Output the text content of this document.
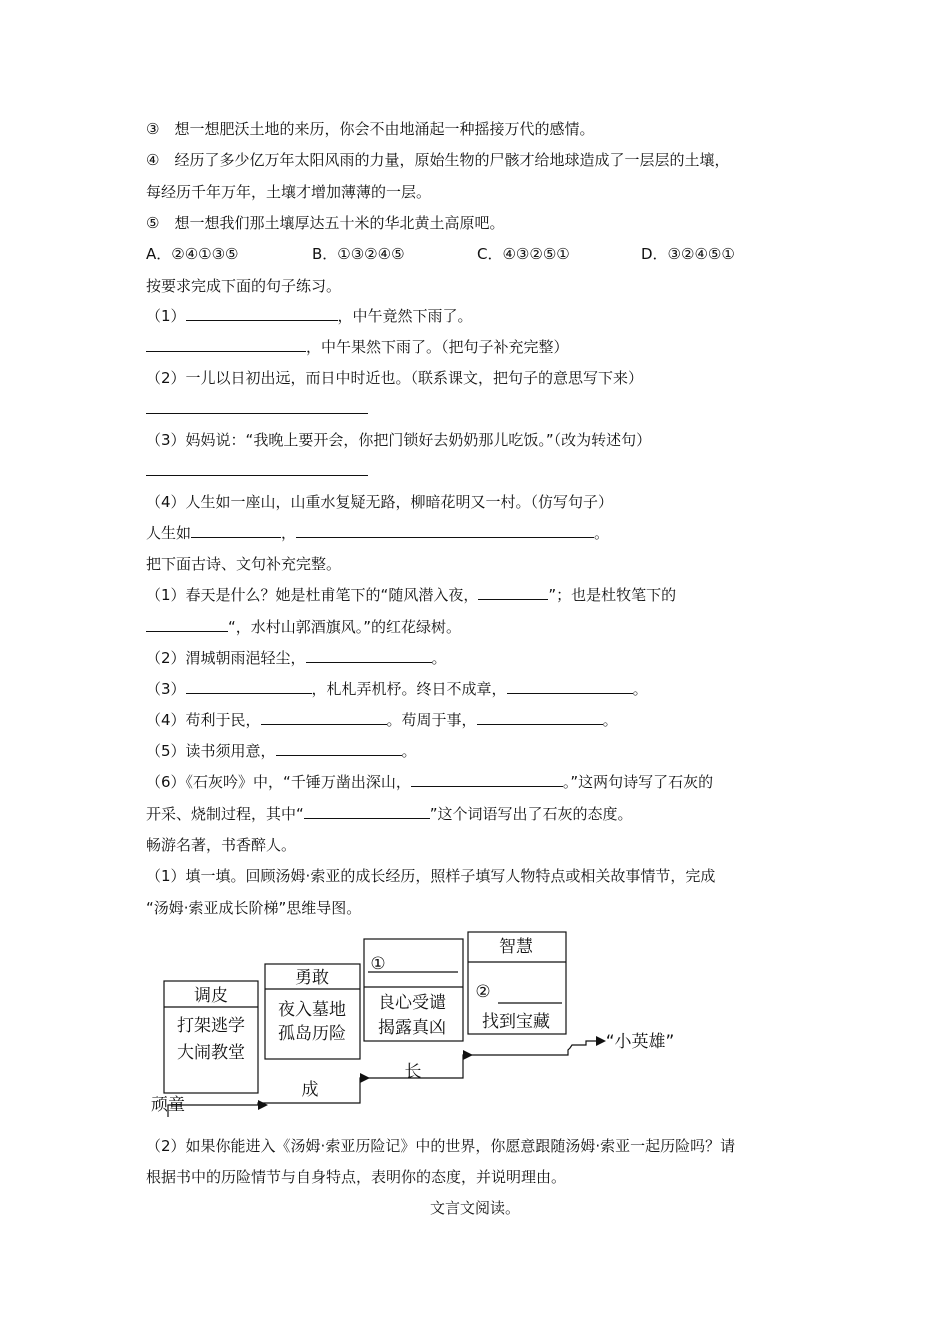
③　想一想肥沃土地的来历，你会不由地涌起一种摇接万代的感情。
④　经历了多少亿万年太阳风雨的力量，原始生物的尸骸才给地球造成了一层层的土壤，
每经历千年万年，土壤才增加薄薄的一层。
⑤　想一想我们那土壤厚达五十米的华北黄土高原吧。
A．②④①③⑤	B．①③②④⑤	C．④③②⑤①	D．③②④⑤①
按要求完成下面的句子练习。
（1）	，中午竟然下雨了。
，中午果然下雨了。（把句子补充完整）
（2）一儿以日初出远，而日中时近也。（联系课文，把句子的意思写下来）
（3）妈妈说：“我晚上要开会，你把门锁好去奶奶那儿吃饭。”（改为转述句）
（4）人生如一座山，山重水复疑无路，柳暗花明又一村。（仿写句子）
人生如	，	。
把下面古诗、文句补充完整。
（1）春天是什么？她是杜甫笔下的“随风潜入夜，	”；也是杜牧笔下的
“，水村山郭酒旗风。”的红花绿树。
（2）渭城朝雨浥轻尘，	。
（3）	，札札弄机杼。终日不成章，	。
（4）苟利于民，	。苟周于事，	。
（5）读书须用意，	。
（6）《石灰吟》中，“千锤万凿出深山，	。”这两句诗写了石灰的
开采、烧制过程，其中“	”这个词语写出了石灰的态度。
畅游名著，书香醉人。
（1）填一填。回顾汤姆·索亚的成长经历，照样子填写人物特点或相关故事情节，完成
“汤姆·索亚成长阶梯”思维导图。
调皮
打架逃学
大闹教堂
勇敢
夜入墓地
孤岛历险
①
良心受谴
揭露真凶
智慧
②
找到宝藏
“小英雄”
成
长
顽童
（2）如果你能进入《汤姆·索亚历险记》中的世界，你愿意跟随汤姆·索亚一起历险吗？请
根据书中的历险情节与自身特点，表明你的态度，并说明理由。
文言文阅读。
